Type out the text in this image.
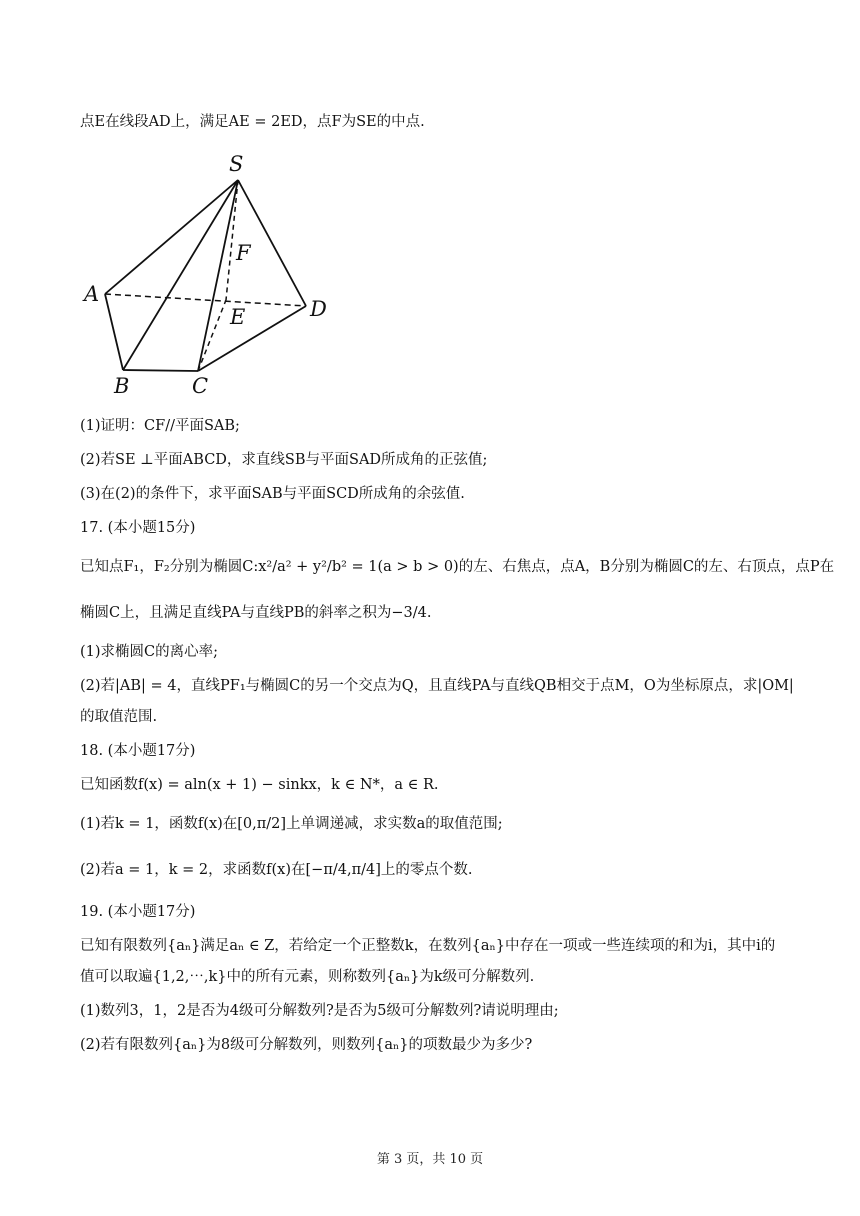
点E在线段AD上，满足AE = 2ED，点F为SE的中点.
S
F
A
E	D
B	C
(1)证明：CF//平面SAB;
(2)若SE ⊥平面ABCD，求直线SB与平面SAD所成角的正弦值;
(3)在(2)的条件下，求平面SAB与平面SCD所成角的余弦值.
17. (本小题15分)
已知点F₁，F₂分别为椭圆C:x²/a² + y²/b² = 1(a > b > 0)的左、右焦点，点A，B分别为椭圆C的左、右顶点，点P在
椭圆C上，且满足直线PA与直线PB的斜率之积为−3/4.
(1)求椭圆C的离心率;
(2)若|AB| = 4，直线PF₁与椭圆C的另一个交点为Q，且直线PA与直线QB相交于点M，O为坐标原点，求|OM|
的取值范围.
18. (本小题17分)
已知函数f(x) = aln(x + 1) − sinkx，k ∈ N*，a ∈ R.
(1)若k = 1，函数f(x)在[0,π/2]上单调递减，求实数a的取值范围;
(2)若a = 1，k = 2，求函数f(x)在[−π/4,π/4]上的零点个数.
19. (本小题17分)
已知有限数列{aₙ}满足aₙ ∈ Z，若给定一个正整数k，在数列{aₙ}中存在一项或一些连续项的和为i，其中i的
值可以取遍{1,2,⋯,k}中的所有元素，则称数列{aₙ}为k级可分解数列.
(1)数列3，1，2是否为4级可分解数列?是否为5级可分解数列?请说明理由;
(2)若有限数列{aₙ}为8级可分解数列，则数列{aₙ}的项数最少为多少?
第 3 页，共 10 页
